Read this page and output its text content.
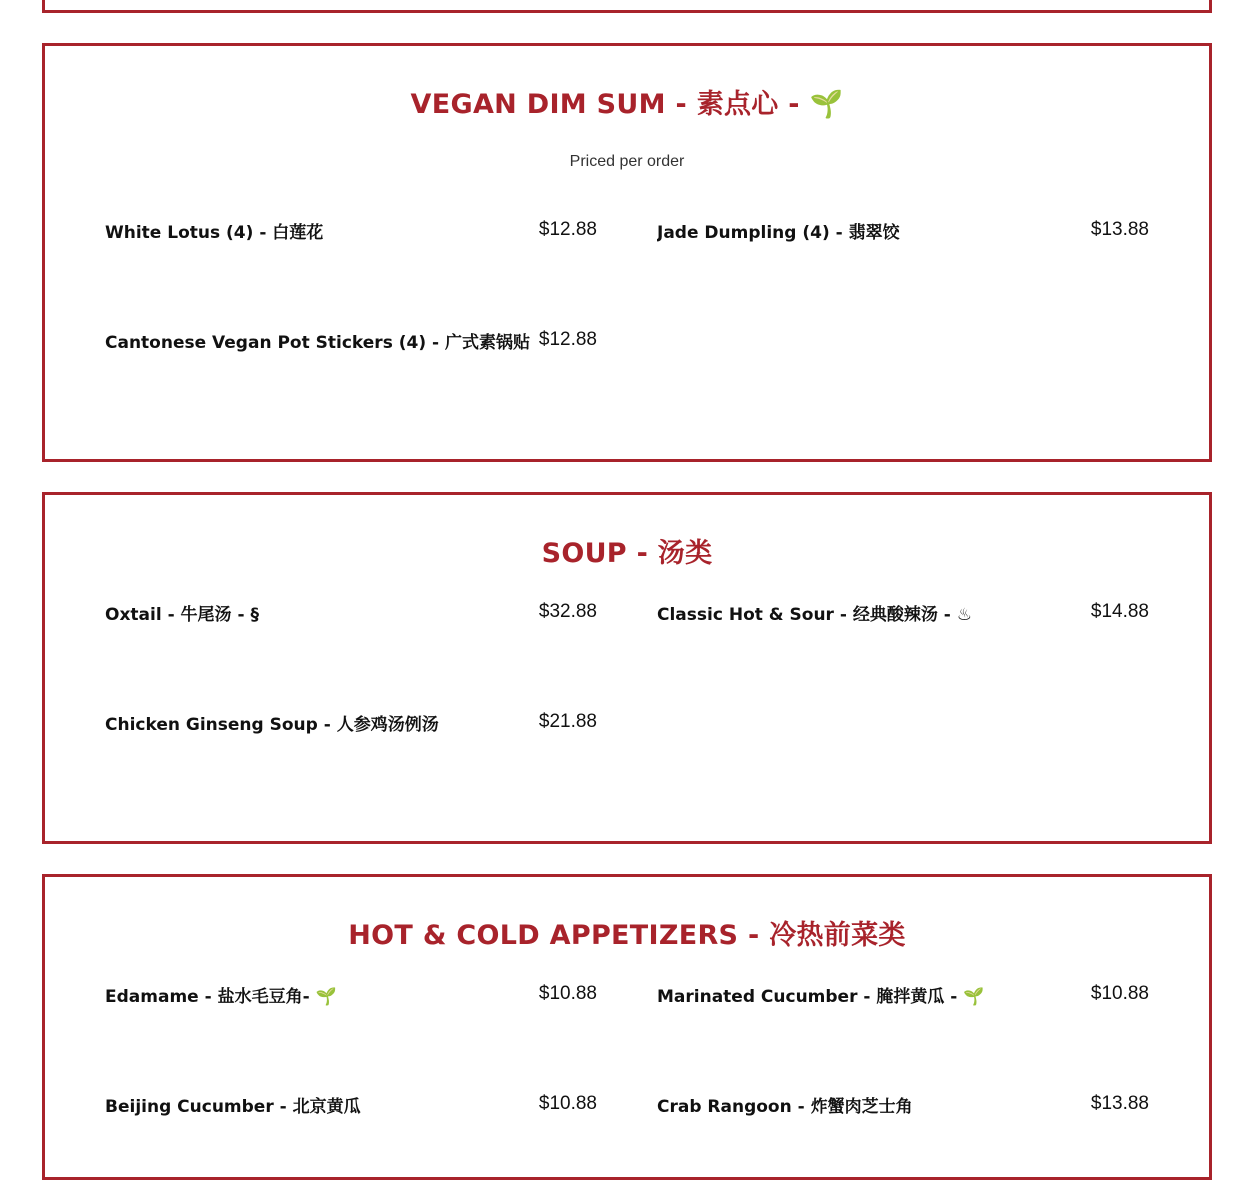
VEGAN DIM SUM - 素点心 - 🌱

Priced per order

White Lotus (4) - 白莲花	$12.88	Jade Dumpling (4) - 翡翠饺	$13.88
Cantonese Vegan Pot Stickers (4) - 广式素锅贴 $12.88
SOUP - 汤类
Oxtail - 牛尾汤 - §	$32.88	Classic Hot & Sour - 经典酸辣汤 - ♨	$14.88
Chicken Ginseng Soup - 人参鸡汤例汤	$21.88
HOT & COLD APPETIZERS - 冷热前菜类
Edamame - 盐水毛豆角- 🌱	$10.88	Marinated Cucumber - 腌拌黄瓜 - 🌱	$10.88
Beijing Cucumber - 北京黄瓜	$10.88	Crab Rangoon - 炸蟹肉芝士角	$13.88
